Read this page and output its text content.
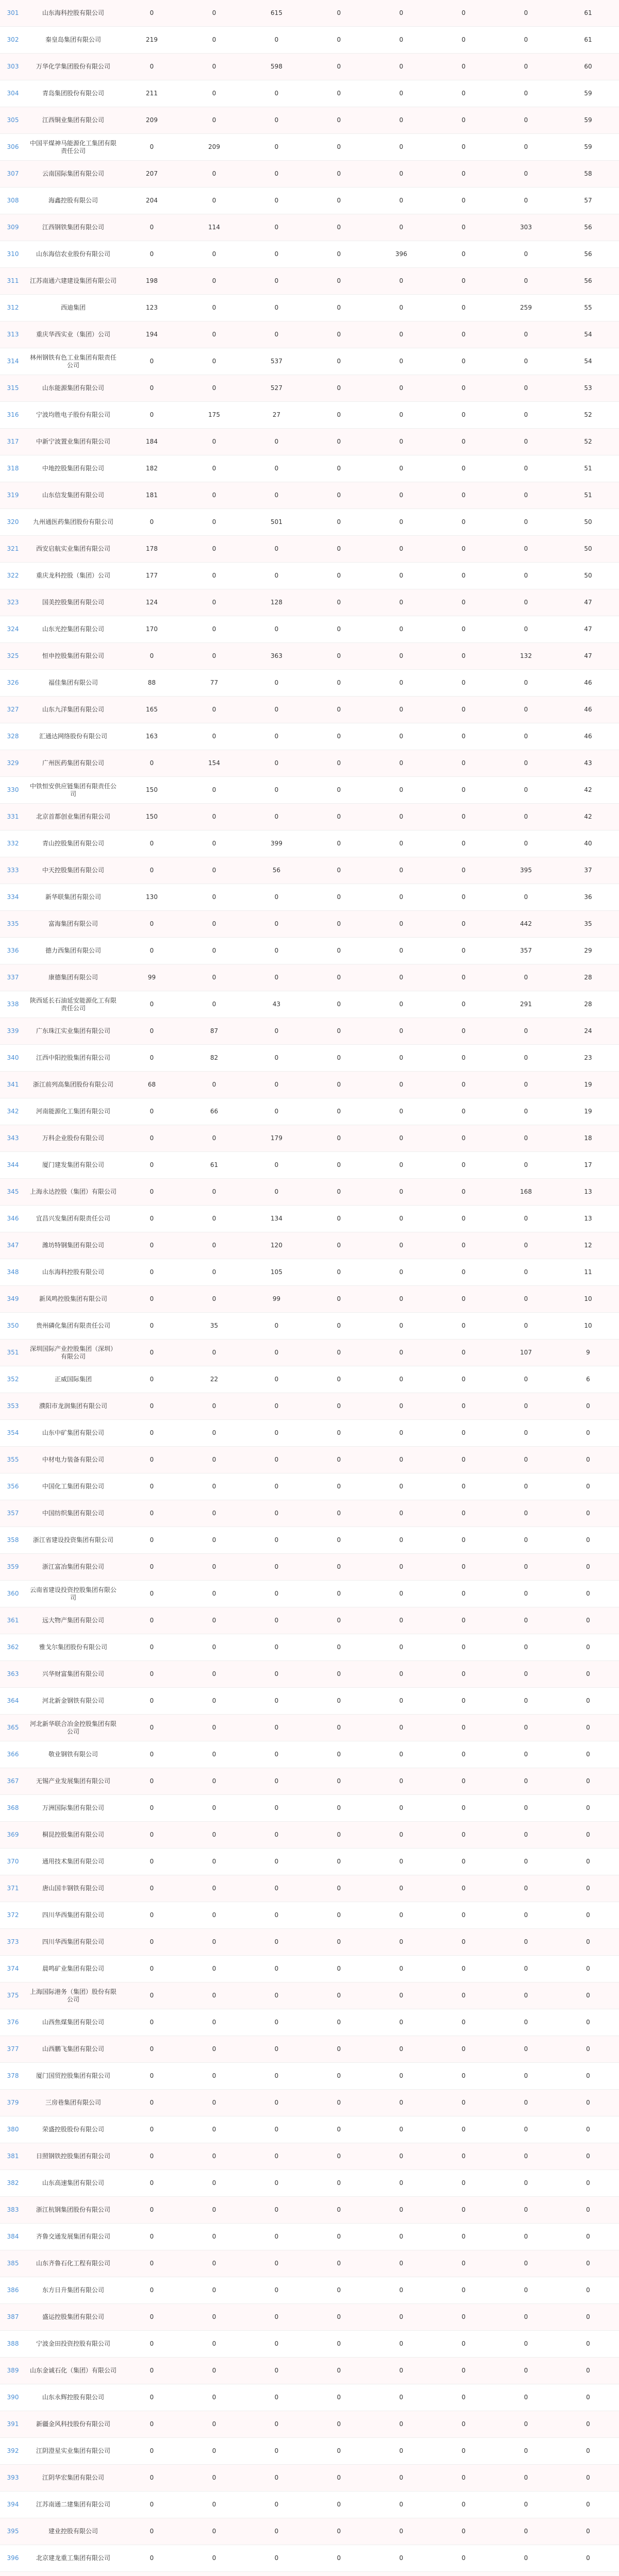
301	山东海科控股有限公司	0	0	615	0	0	0	0	61
302	秦皇岛集团有限公司	219	0	0	0	0	0	0	61
303	万华化学集团股份有限公司	0	0	598	0	0	0	0	60
304	青岛集团股份有限公司	211	0	0	0	0	0	0	59
305	江西铜业集团有限公司	209	0	0	0	0	0	0	59
306	中国平煤神马能源化工集团有限责任公司	0	209	0	0	0	0	0	59
307	云南国际集团有限公司	207	0	0	0	0	0	0	58
308	海鑫控股有限公司	204	0	0	0	0	0	0	57
309	江西钢铁集团有限公司	0	114	0	0	0	0	303	56
310	山东海信农业股份有限公司	0	0	0	0	396	0	0	56
311	江苏南通六建建设集团有限公司	198	0	0	0	0	0	0	56
312	西迪集团	123	0	0	0	0	0	259	55
313	重庆华西实业（集团）公司	194	0	0	0	0	0	0	54
314	林州钢铁有色工业集团有限责任公司	0	0	537	0	0	0	0	54
315	山东能源集团有限公司	0	0	527	0	0	0	0	53
316	宁波均胜电子股份有限公司	0	175	27	0	0	0	0	52
317	中新宁波置业集团有限公司	184	0	0	0	0	0	0	52
318	中地控股集团有限公司	182	0	0	0	0	0	0	51
319	山东信发集团有限公司	181	0	0	0	0	0	0	51
320	九州通医药集团股份有限公司	0	0	501	0	0	0	0	50
321	西安启航实业集团有限公司	178	0	0	0	0	0	0	50
322	重庆龙科控股（集团）公司	177	0	0	0	0	0	0	50
323	国美控股集团有限公司	124	0	128	0	0	0	0	47
324	山东光控集团有限公司	170	0	0	0	0	0	0	47
325	恒申控股集团有限公司	0	0	363	0	0	0	132	47
326	福佳集团有限公司	88	77	0	0	0	0	0	46
327	山东九洋集团有限公司	165	0	0	0	0	0	0	46
328	汇通达网络股份有限公司	163	0	0	0	0	0	0	46
329	广州医药集团有限公司	0	154	0	0	0	0	0	43
330	中铁恒安供应链集团有限责任公司	150	0	0	0	0	0	0	42
331	北京首都创业集团有限公司	150	0	0	0	0	0	0	42
332	青山控股集团有限公司	0	0	399	0	0	0	0	40
333	中天控股集团有限公司	0	0	56	0	0	0	395	37
334	新华联集团有限公司	130	0	0	0	0	0	0	36
335	富海集团有限公司	0	0	0	0	0	0	442	35
336	德力西集团有限公司	0	0	0	0	0	0	357	29
337	康德集团有限公司	99	0	0	0	0	0	0	28
338	陕西延长石油延安能源化工有限责任公司	0	0	43	0	0	0	291	28
339	广东珠江实业集团有限公司	0	87	0	0	0	0	0	24
340	江西中阳控股集团有限公司	0	82	0	0	0	0	0	23
341	浙江前列高集团股份有限公司	68	0	0	0	0	0	0	19
342	河南能源化工集团有限公司	0	66	0	0	0	0	0	19
343	万科企业股份有限公司	0	0	179	0	0	0	0	18
344	厦门建发集团有限公司	0	61	0	0	0	0	0	17
345	上海永达控股（集团）有限公司	0	0	0	0	0	0	168	13
346	宜昌兴发集团有限责任公司	0	0	134	0	0	0	0	13
347	潍坊特钢集团有限公司	0	0	120	0	0	0	0	12
348	山东海科控股有限公司	0	0	105	0	0	0	0	11
349	新凤鸣控股集团有限公司	0	0	99	0	0	0	0	10
350	贵州磷化集团有限责任公司	0	35	0	0	0	0	0	10
351	深圳国际产业控股集团（深圳）有限公司	0	0	0	0	0	0	107	9
352	正威国际集团	0	22	0	0	0	0	0	6
353	濮阳市龙润集团有限公司	0	0	0	0	0	0	0	0
354	山东中矿集团有限公司	0	0	0	0	0	0	0	0
355	中材电力装备有限公司	0	0	0	0	0	0	0	0
356	中国化工集团有限公司	0	0	0	0	0	0	0	0
357	中国纺织集团有限公司	0	0	0	0	0	0	0	0
358	浙江省建设投资集团有限公司	0	0	0	0	0	0	0	0
359	浙江富冶集团有限公司	0	0	0	0	0	0	0	0
360	云南省建设投资控股集团有限公司	0	0	0	0	0	0	0	0
361	远大物产集团有限公司	0	0	0	0	0	0	0	0
362	雅戈尔集团股份有限公司	0	0	0	0	0	0	0	0
363	兴华财富集团有限公司	0	0	0	0	0	0	0	0
364	河北新金钢铁有限公司	0	0	0	0	0	0	0	0
365	河北新华联合冶金控股集团有限公司	0	0	0	0	0	0	0	0
366	敬业钢铁有限公司	0	0	0	0	0	0	0	0
367	无锡产业发展集团有限公司	0	0	0	0	0	0	0	0
368	万洲国际集团有限公司	0	0	0	0	0	0	0	0
369	桐昆控股集团有限公司	0	0	0	0	0	0	0	0
370	通用技术集团有限公司	0	0	0	0	0	0	0	0
371	唐山国丰钢铁有限公司	0	0	0	0	0	0	0	0
372	四川华西集团有限公司	0	0	0	0	0	0	0	0
373	四川华西集团有限公司	0	0	0	0	0	0	0	0
374	晨鸣矿业集团有限公司	0	0	0	0	0	0	0	0
375	上海国际港务（集团）股份有限公司	0	0	0	0	0	0	0	0
376	山西焦煤集团有限公司	0	0	0	0	0	0	0	0
377	山西鹏飞集团有限公司	0	0	0	0	0	0	0	0
378	厦门国贸控股集团有限公司	0	0	0	0	0	0	0	0
379	三房巷集团有限公司	0	0	0	0	0	0	0	0
380	荣盛控股股份有限公司	0	0	0	0	0	0	0	0
381	日照钢铁控股集团有限公司	0	0	0	0	0	0	0	0
382	山东高速集团有限公司	0	0	0	0	0	0	0	0
383	浙江杭钢集团股份有限公司	0	0	0	0	0	0	0	0
384	齐鲁交通发展集团有限公司	0	0	0	0	0	0	0	0
385	山东齐鲁石化工程有限公司	0	0	0	0	0	0	0	0
386	东方日升集团有限公司	0	0	0	0	0	0	0	0
387	盛运控股集团有限公司	0	0	0	0	0	0	0	0
388	宁波金田投资控股有限公司	0	0	0	0	0	0	0	0
389	山东金诚石化（集团）有限公司	0	0	0	0	0	0	0	0
390	山东永辉控股有限公司	0	0	0	0	0	0	0	0
391	新疆金风科技股份有限公司	0	0	0	0	0	0	0	0
392	江阴澄星实业集团有限公司	0	0	0	0	0	0	0	0
393	江阴华宏集团有限公司	0	0	0	0	0	0	0	0
394	江苏南通二建集团有限公司	0	0	0	0	0	0	0	0
395	建业控股有限公司	0	0	0	0	0	0	0	0
396	北京建龙重工集团有限公司	0	0	0	0	0	0	0	0
